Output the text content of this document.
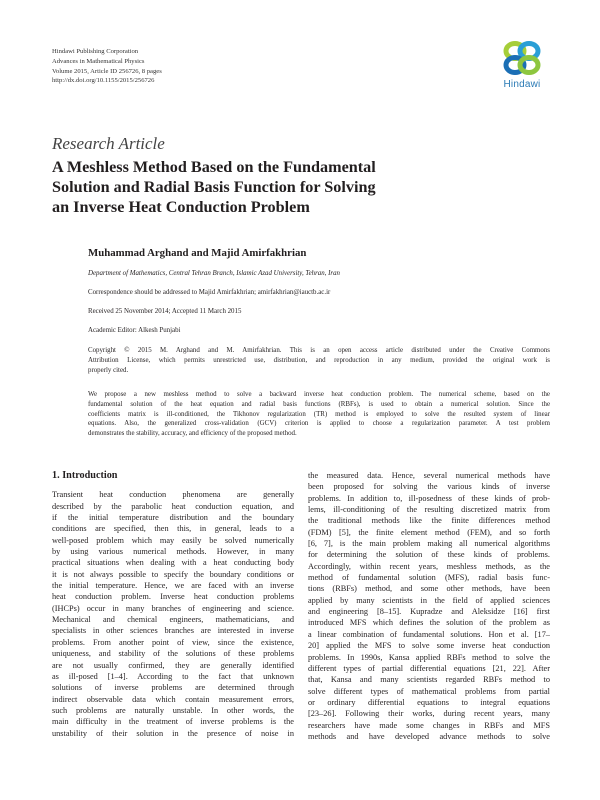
Hindawi Publishing Corporation
Advances in Mathematical Physics
Volume 2015, Article ID 256726, 8 pages
http://dx.doi.org/10.1155/2015/256726	Hindawi
Research Article
A Meshless Method Based on the Fundamental
Solution and Radial Basis Function for Solving
an Inverse Heat Conduction Problem
Muhammad Arghand and Majid Amirfakhrian
Department of Mathematics, Central Tehran Branch, Islamic Azad University, Tehran, Iran
Correspondence should be addressed to Majid Amirfakhrian; amirfakhrian@iauctb.ac.ir
Received 25 November 2014; Accepted 11 March 2015
Academic Editor: Alkesh Punjabi
Copyright © 2015 M. Arghand and M. Amirfakhrian. This is an open access article distributed under the Creative Commons
Attribution License, which permits unrestricted use, distribution, and reproduction in any medium, provided the original work is
properly cited.
We propose a new meshless method to solve a backward inverse heat conduction problem. The numerical scheme, based on the
fundamental solution of the heat equation and radial basis functions (RBFs), is used to obtain a numerical solution. Since the
coefficients matrix is ill-conditioned, the Tikhonov regularization (TR) method is employed to solve the resulted system of linear
equations. Also, the generalized cross-validation (GCV) criterion is applied to choose a regularization parameter. A test problem
demonstrates the stability, accuracy, and efficiency of the proposed method.
1. Introduction
Transient heat conduction phenomena are generally
described by the parabolic heat conduction equation, and
if the initial temperature distribution and the boundary
conditions are specified, then this, in general, leads to a
well-posed problem which may easily be solved numerically
by using various numerical methods. However, in many
practical situations when dealing with a heat conducting body
it is not always possible to specify the boundary conditions or
the initial temperature. Hence, we are faced with an inverse
heat conduction problem. Inverse heat conduction problems
(IHCPs) occur in many branches of engineering and science.
Mechanical and chemical engineers, mathematicians, and
specialists in other sciences branches are interested in inverse
problems. From another point of view, since the existence,
uniqueness, and stability of the solutions of these problems
are not usually confirmed, they are generally identified
as ill-posed [1–4]. According to the fact that unknown
solutions of inverse problems are determined through
indirect observable data which contain measurement errors,
such problems are naturally unstable. In other words, the
main difficulty in the treatment of inverse problems is the
unstability of their solution in the presence of noise in
the measured data. Hence, several numerical methods have
been proposed for solving the various kinds of inverse
problems. In addition to, ill-posedness of these kinds of prob-
lems, ill-conditioning of the resulting discretized matrix from
the traditional methods like the finite differences method
(FDM) [5], the finite element method (FEM), and so forth
[6, 7], is the main problem making all numerical algorithms
for determining the solution of these kinds of problems.
Accordingly, within recent years, meshless methods, as the
method of fundamental solution (MFS), radial basis func-
tions (RBFs) method, and some other methods, have been
applied by many scientists in the field of applied sciences
and engineering [8–15]. Kupradze and Aleksidze [16] first
introduced MFS which defines the solution of the problem as
a linear combination of fundamental solutions. Hon et al. [17–
20] applied the MFS to solve some inverse heat conduction
problems. In 1990s, Kansa applied RBFs method to solve the
different types of partial differential equations [21, 22]. After
that, Kansa and many scientists regarded RBFs method to
solve different types of mathematical problems from partial
or ordinary differential equations to integral equations
[23–26]. Following their works, during recent years, many
researchers have made some changes in RBFs and MFS
methods and have developed advance methods to solve
